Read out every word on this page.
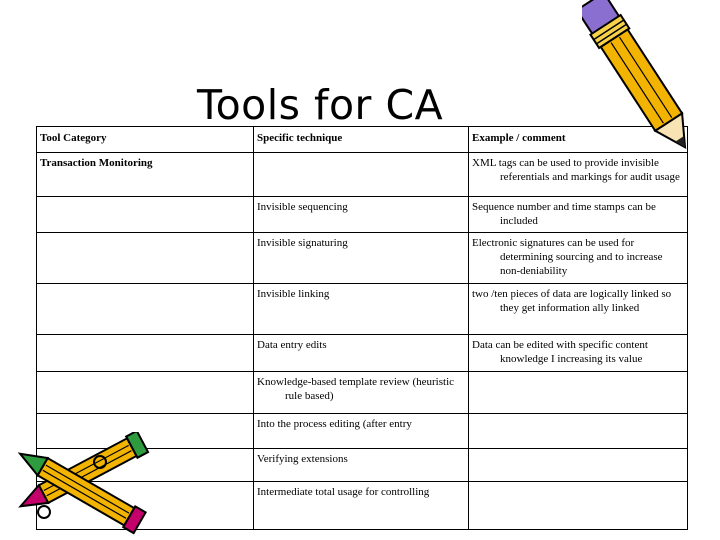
Tools for CA
Tool Category	Specific technique	Example / comment
Transaction Monitoring		XML tags can be used to provide invisible referentials and markings for audit usage

	Invisible sequencing	Sequence number and time stamps can be included

	Invisible signaturing	Electronic signatures can be used for determining sourcing and to increase non-deniability

	Invisible linking	two /ten pieces of data are logically linked so they get information ally linked

	Data entry edits	Data can be edited with specific content knowledge I increasing its value

	Knowledge-based template review (heuristic rule based)	

	Into the process editing (after entry	
	Verifying extensions	
	Intermediate total usage for controlling	
